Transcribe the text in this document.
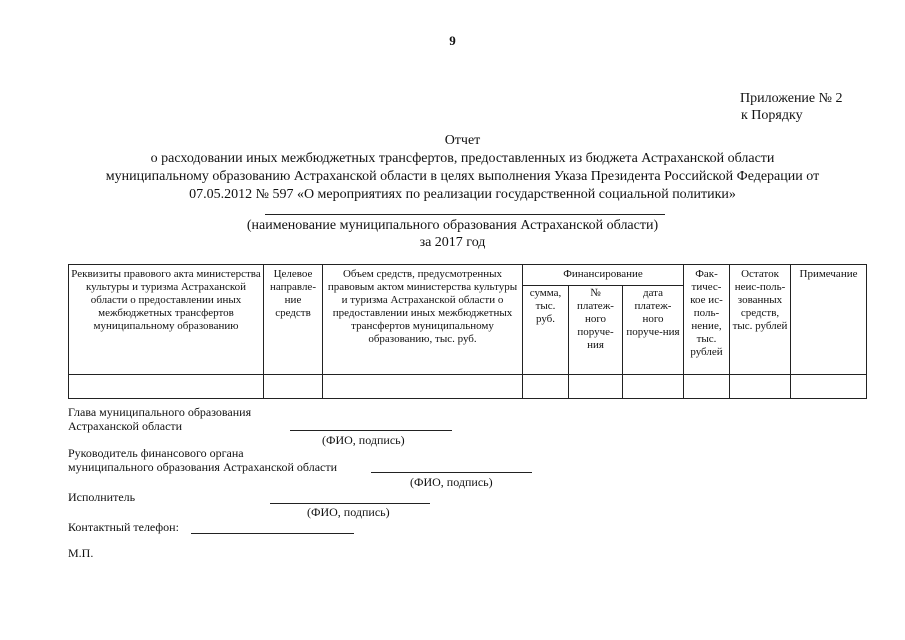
9
Приложение № 2
к Порядку
Отчет
о расходовании иных межбюджетных трансфертов, предоставленных из бюджета Астраханской области
муниципальному образованию Астраханской области в целях выполнения Указа Президента Российской Федерации от
07.05.2012 № 597 «О мероприятиях по реализации государственной социальной политики»
(наименование муниципального образования Астраханской области)
за 2017 год
Реквизиты правового акта министерства культуры и туризма Астраханской области о предоставлении иных межбюджетных трансфертов муниципальному образованию	Целевое направле-ние средств	Объем средств, предусмотренных правовым актом министерства культуры и туризма Астраханской области о предоставлении иных межбюджетных трансфертов муниципальному образованию, тыс. руб.	Финансирование			Фак-тичес-кое ис-поль-нение, тыс. рублей	Остаток неис-поль-зованных средств, тыс. рублей	Примечание
			сумма, тыс. руб.	№ платеж-ного поруче-ния	дата платеж-ного поруче-ния			

Глава муниципального образования
Астраханской области
(ФИО, подпись)
Руководитель финансового органа
муниципального образования Астраханской области
(ФИО, подпись)
Исполнитель
(ФИО, подпись)
Контактный телефон:
М.П.
